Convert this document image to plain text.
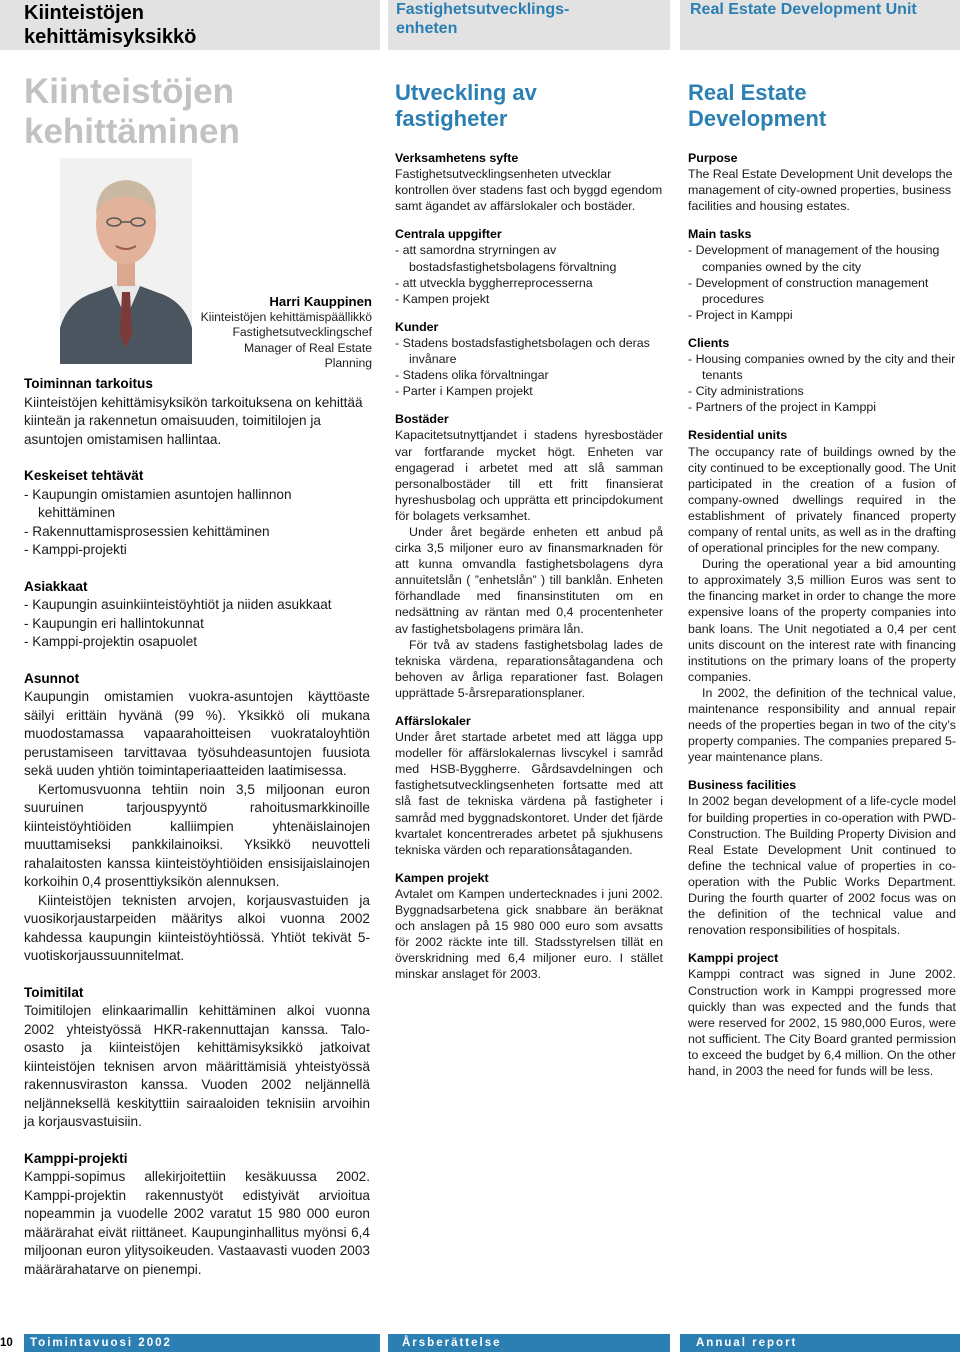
Kiinteistöjen
kehittämisyksikkö
Fastighetsutvecklings-
enheten
Real Estate Development Unit
Kiinteistöjen
kehittäminen
Harri Kauppinen
Kiinteistöjen kehittämispäällikkö
Fastighetsutvecklingschef
Manager of Real Estate Planning

Toiminnan tarkoitus

Kiinteistöjen kehittämisyksikön tarkoituksena on kehittää kiinteän ja rakennetun omaisuuden, toimitilojen ja asuntojen omistamisen hallintaa.

Keskeiset tehtävät

- Kaupungin omistamien asuntojen hallinnon kehittäminen

- Rakennuttamisprosessien kehittäminen

- Kamppi-projekti

Asiakkaat

- Kaupungin asuinkiinteistöyhtiöt ja niiden asukkaat

- Kaupungin eri hallintokunnat

- Kamppi-projektin osapuolet

Asunnot

Kaupungin omistamien vuokra-asuntojen käyttöaste säilyi erittäin hyvänä (99 %). Yksikkö oli mukana muodostamassa vapaarahoitteisen vuokrataloyhtiön perustamiseen tarvittavaa työsuhdeasuntojen fuusiota sekä uuden yhtiön toimintaperiaatteiden laatimisessa.

Kertomusvuonna tehtiin noin 3,5 miljoonan euron suuruinen tarjouspyyntö rahoitusmarkkinoille kiinteistöyhtiöiden kalliimpien yhtenäislainojen muuttamiseksi pankkilainoiksi. Yksikkö neuvotteli rahalaitosten kanssa kiinteistöyhtiöiden ensisijaislainojen korkoihin 0,4 prosenttiyksikön alennuksen.

Kiinteistöjen teknisten arvojen, korjausvastuiden ja vuosikorjaustarpeiden määritys alkoi vuonna 2002 kahdessa kaupungin kiinteistöyhtiössä. Yhtiöt tekivät 5-vuotiskorjaussuunnitelmat.

Toimitilat

Toimitilojen elinkaarimallin kehittäminen alkoi vuonna 2002 yhteistyössä HKR-rakennuttajan kanssa. Talo-osasto ja kiinteistöjen kehittämisyksikkö jatkoivat kiinteistöjen teknisen arvon määrittämisiä yhteistyössä rakennusviraston kanssa. Vuoden 2002 neljännellä neljänneksellä keskityttiin sairaaloiden teknisiin arvoihin ja korjausvastuisiin.

Kamppi-projekti

Kamppi-sopimus allekirjoitettiin kesäkuussa 2002. Kamppi-projektin rakennustyöt edistyivät arvioitua nopeammin ja vuodelle 2002 varatut 15 980 000 euron määrärahat eivät riittäneet. Kaupunginhallitus myönsi 6,4 miljoonan euron ylitysoikeuden. Vastaavasti vuoden 2003 määrärahatarve on pienempi.

Utveckling av
fastigheter

Verksamhetens syfte

Fastighetsutvecklingsenheten utvecklar kontrollen över stadens fast och byggd egendom samt ägandet av affärslokaler och bostäder.

Centrala uppgifter

- att samordna stryrningen av bostadsfastighetsbolagens förvaltning

- att utveckla byggherreprocesserna

- Kampen projekt

Kunder

- Stadens bostadsfastighetsbolagen och deras invånare

- Stadens olika förvaltningar

- Parter i Kampen projekt

Bostäder

Kapacitetsutnyttjandet i stadens hyresbostäder var fortfarande mycket högt. Enheten var engagerad i arbetet med att slå samman personalbostäder till ett fritt finansierat hyreshusbolag och upprätta ett principdokument för bolagets verksamhet.

Under året begärde enheten ett anbud på cirka 3,5 miljoner euro av finansmarknaden för att kunna omvandla fastighetsbolagens dyra annuitetslån ( ”enhetslån” ) till banklån. Enheten förhandlade med finansinstituten om en nedsättning av räntan med 0,4 procentenheter av fastighetsbolagens primära lån.

För två av stadens fastighetsbolag lades de tekniska värdena, reparationsåtagandena och behoven av årliga reparationer fast. Bolagen upprättade 5-årsreparationsplaner.

Affärslokaler

Under året startade arbetet med att lägga upp modeller för affärslokalernas livscykel i samråd med HSB-Byggherre. Gårdsavdelningen och fastighetsutvecklingsenheten fortsatte med att slå fast de tekniska värdena på fastigheter i samråd med byggnadskontoret. Under det fjärde kvartalet koncentrerades arbetet på sjukhusens tekniska värden och reparationsåtaganden.

Kampen projekt

Avtalet om Kampen undertecknades i juni 2002. Byggnadsarbetena gick snabbare än beräknat och anslagen på 15 980 000 euro som avsatts för 2002 räckte inte till. Stadsstyrelsen tillät en överskridning med 6,4 miljoner euro. I stället minskar anslaget för 2003.

Real Estate
Development

Purpose

The Real Estate Development Unit develops the management of city-owned properties, business facilities and housing estates.

Main tasks

- Development of management of the housing companies owned by the city

- Development of construction management procedures

- Project in Kamppi

Clients

- Housing companies owned by the city and their tenants

- City administrations

- Partners of the project in Kamppi

Residential units

The occupancy rate of buildings owned by the city continued to be exceptionally good. The Unit participated in the creation of a fusion of company-owned dwellings required in the establishment of privately financed property company of rental units, as well as in the drafting of operational principles for the new company.

During the operational year a bid amounting to approximately 3,5 million Euros was sent to the financing market in order to change the more expensive loans of the property companies into bank loans. The Unit negotiated a 0,4 per cent units discount on the interest rate with financing institutions on the primary loans of the property companies.

In 2002, the definition of the technical value, maintenance responsibility and annual repair needs of the properties began in two of the city’s property companies. The companies prepared 5-year maintenance plans.

Business facilities

In 2002 began development of a life-cycle model for building properties in co-operation with PWD-Construction. The Building Property Division and Real Estate Development Unit continued to define the technical value of properties in co-operation with the Public Works Department. During the fourth quarter of 2002 focus was on the definition of the technical value and renovation responsibilities of hospitals.

Kamppi project

Kamppi contract was signed in June 2002. Construction work in Kamppi progressed more quickly than was expected and the funds that were reserved for 2002, 15 980,000 Euros, were not sufficient. The City Board granted permission to exceed the budget by 6,4 million. On the other hand, in 2003 the need for funds will be less.

10	Toimintavuosi 2002	Årsberättelse	Annual report
